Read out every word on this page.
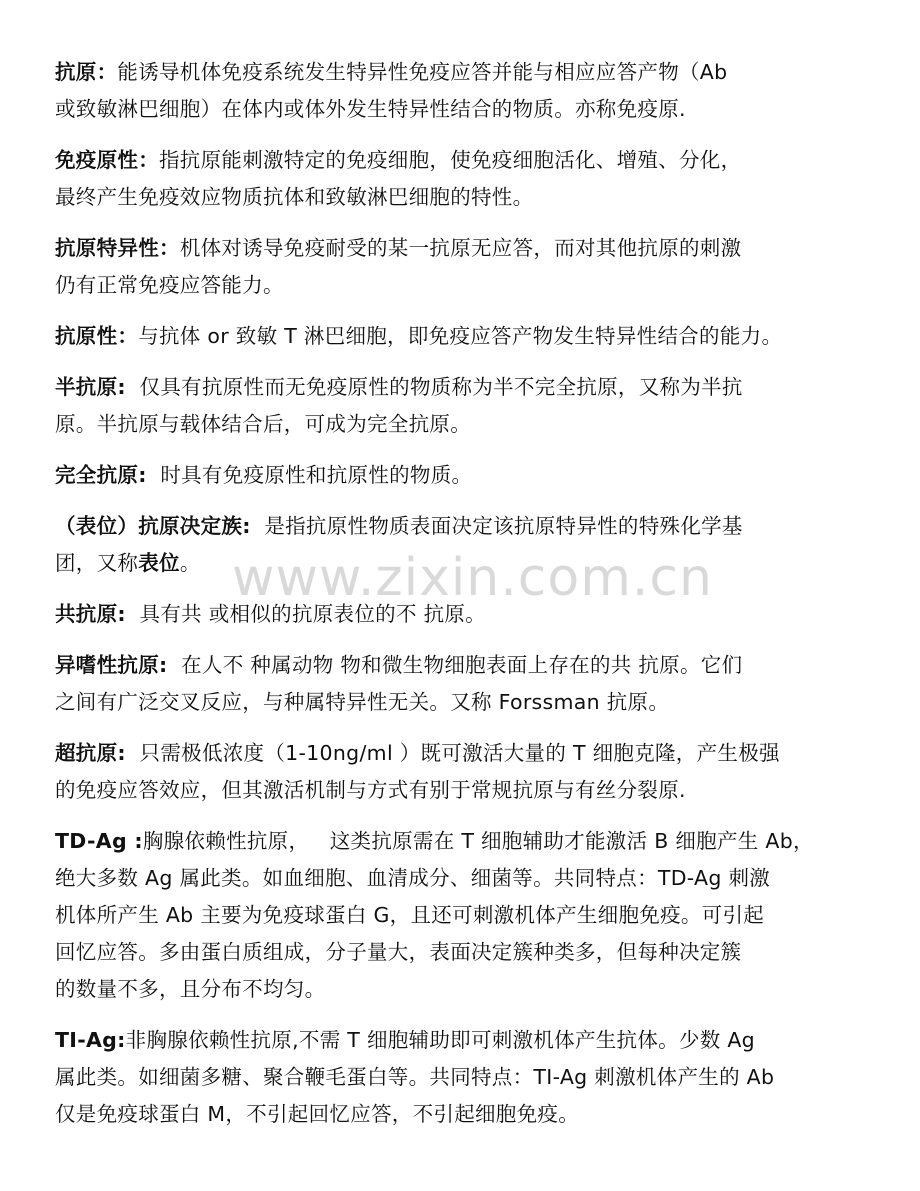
抗原：能诱导机体免疫系统发生特异性免疫应答并能与相应应答产物（Ab
或致敏淋巴细胞）在体内或体外发生特异性结合的物质。亦称免疫原.

免疫原性：指抗原能刺激特定的免疫细胞，使免疫细胞活化、增殖、分化，
最终产生免疫效应物质抗体和致敏淋巴细胞的特性。

抗原特异性：机体对诱导免疫耐受的某一抗原无应答，而对其他抗原的刺激
仍有正常免疫应答能力。

抗原性：与抗体 or 致敏 T 淋巴细胞，即免疫应答产物发生特异性结合的能力。

半抗原:  仅具有抗原性而无免疫原性的物质称为半不完全抗原，又称为半抗
原。半抗原与载体结合后，可成为完全抗原。

完全抗原:  时具有免疫原性和抗原性的物质。

（表位）抗原决定族:  是指抗原性物质表面决定该抗原特异性的特殊化学基
团，又称表位。

共抗原:  具有共 或相似的抗原表位的不 抗原。

异嗜性抗原:  在人不 种属动物 物和微生物细胞表面上存在的共 抗原。它们
之间有广泛交叉反应，与种属特异性无关。又称 Forssman 抗原。

超抗原:  只需极低浓度（1-10ng/ml ）既可激活大量的 T 细胞克隆，产生极强
的免疫应答效应，但其激活机制与方式有别于常规抗原与有丝分裂原.

TD-Ag :胸腺依赖性抗原，   这类抗原需在 T 细胞辅助才能激活 B 细胞产生 Ab，
绝大多数 Ag 属此类。如血细胞、血清成分、细菌等。共同特点：TD-Ag 刺激
机体所产生 Ab 主要为免疫球蛋白 G，且还可刺激机体产生细胞免疫。可引起
回忆应答。多由蛋白质组成，分子量大，表面决定簇种类多，但每种决定簇
的数量不多，且分布不均匀。

TI-Ag:非胸腺依赖性抗原,不需 T 细胞辅助即可刺激机体产生抗体。少数 Ag
属此类。如细菌多糖、聚合鞭毛蛋白等。共同特点：TI-Ag 刺激机体产生的 Ab
仅是免疫球蛋白 M，不引起回忆应答，不引起细胞免疫。

www.zixin.com.cn
